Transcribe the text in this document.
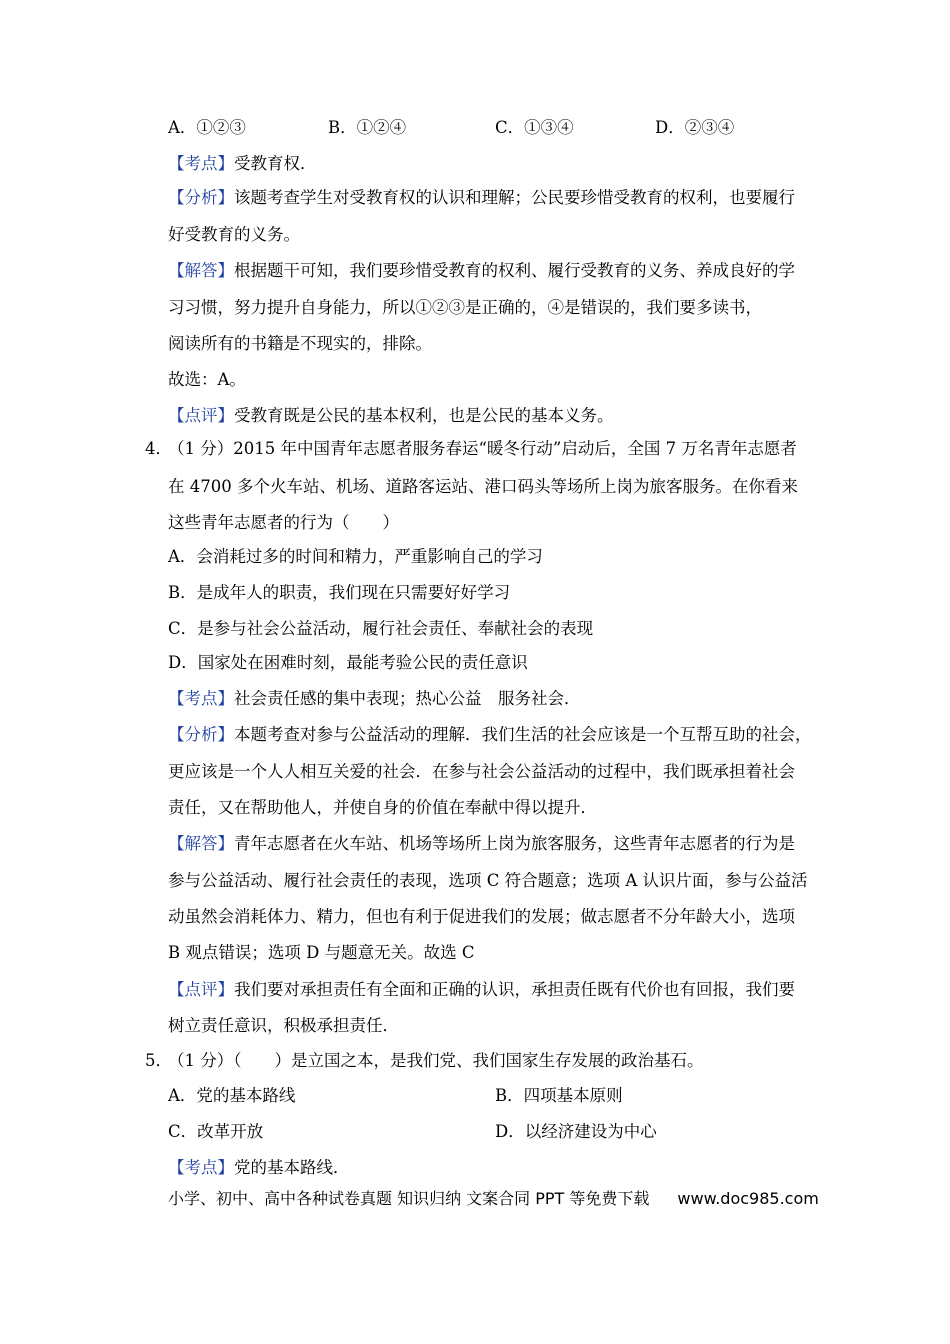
A．①②③	B．①②④	C．①③④	D．②③④
【考点】受教育权．
【分析】该题考查学生对受教育权的认识和理解；公民要珍惜受教育的权利，也要履行
好受教育的义务。
【解答】根据题干可知，我们要珍惜受教育的权利、履行受教育的义务、养成良好的学
习习惯，努力提升自身能力，所以①②③是正确的，④是错误的，我们要多读书，
阅读所有的书籍是不现实的，排除。
故选：A。
【点评】受教育既是公民的基本权利，也是公民的基本义务。
4．
（1 分）2015 年中国青年志愿者服务春运“暖冬行动”启动后，全国 7 万名青年志愿者
在 4700 多个火车站、机场、道路客运站、港口码头等场所上岗为旅客服务。在你看来
这些青年志愿者的行为（　　）
A．会消耗过多的时间和精力，严重影响自己的学习
B．是成年人的职责，我们现在只需要好好学习
C．是参与社会公益活动，履行社会责任、奉献社会的表现
D．国家处在困难时刻，最能考验公民的责任意识
【考点】社会责任感的集中表现；热心公益　服务社会．
【分析】本题考查对参与公益活动的理解．我们生活的社会应该是一个互帮互助的社会，
更应该是一个人人相互关爱的社会．在参与社会公益活动的过程中，我们既承担着社会
责任，又在帮助他人，并使自身的价值在奉献中得以提升．
【解答】青年志愿者在火车站、机场等场所上岗为旅客服务，这些青年志愿者的行为是
参与公益活动、履行社会责任的表现，选项 C 符合题意；选项 A 认识片面，参与公益活
动虽然会消耗体力、精力，但也有利于促进我们的发展；做志愿者不分年龄大小，选项
B 观点错误；选项 D 与题意无关。故选 C
【点评】我们要对承担责任有全面和正确的认识，承担责任既有代价也有回报，我们要
树立责任意识，积极承担责任．
5．
（1 分）（　　）是立国之本，是我们党、我们国家生存发展的政治基石。
A．党的基本路线	B．四项基本原则
C．改革开放	D．以经济建设为中心
【考点】党的基本路线．
小学、初中、高中各种试卷真题 知识归纳 文案合同 PPT 等免费下载 www.doc985.com
